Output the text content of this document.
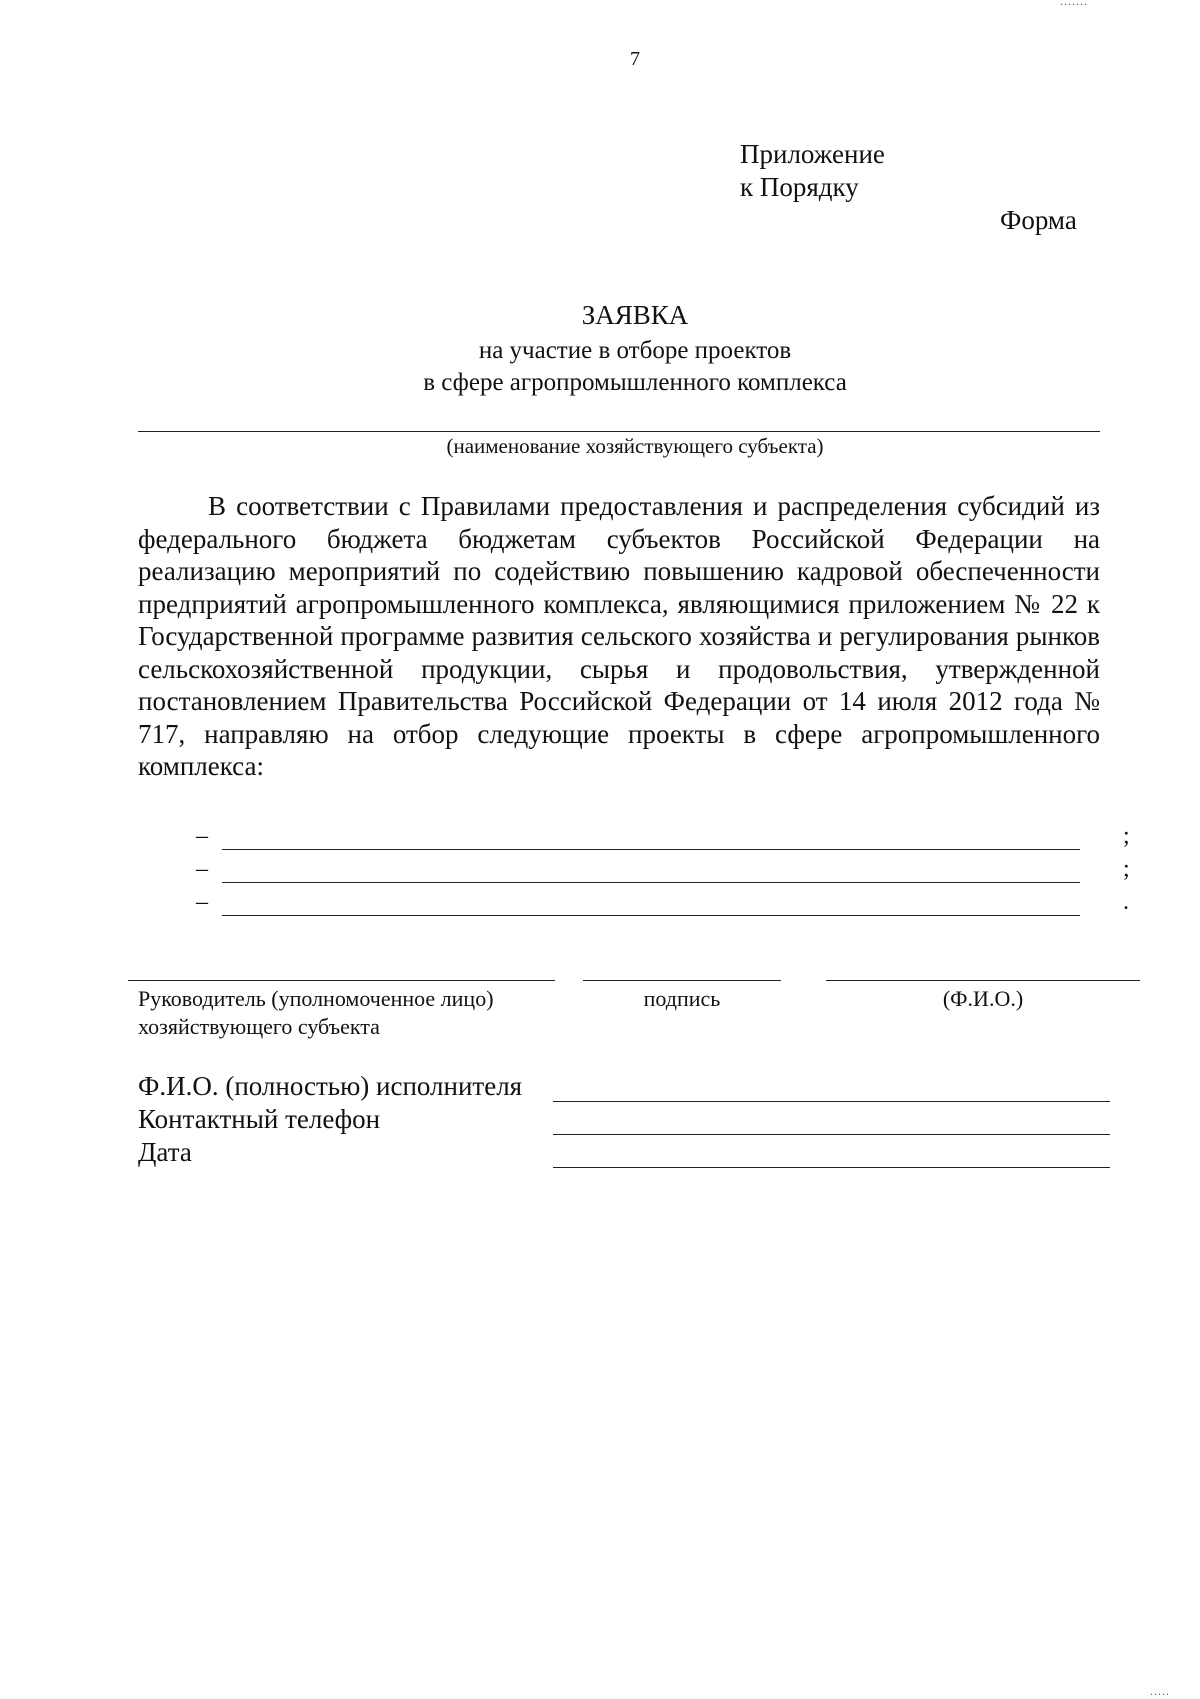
7
.......
.....
Приложение
к Порядку
Форма
ЗАЯВКА
на участие в отборе проектов
в сфере агропромышленного комплекса
(наименование хозяйствующего субъекта)
В соответствии с Правилами предоставления и распределения субсидий из федерального бюджета бюджетам субъектов Российской Федерации на реализацию мероприятий по содействию повышению кадровой обеспеченности предприятий агропромышленного комплекса, являющимися приложением № 22 к Государственной программе развития сельского хозяйства и регулирования рынков сельскохозяйственной продукции, сырья и продовольствия, утвержденной постановлением Правительства Российской Федерации от 14 июля 2012 года № 717, направляю на отбор следующие проекты в сфере агропромышленного комплекса:
–	;
–	;
–	.
Руководитель (уполномоченное лицо)
хозяйствующего субъекта
подпись	(Ф.И.О.)
Ф.И.О. (полностью) исполнителя
Контактный телефон
Дата
